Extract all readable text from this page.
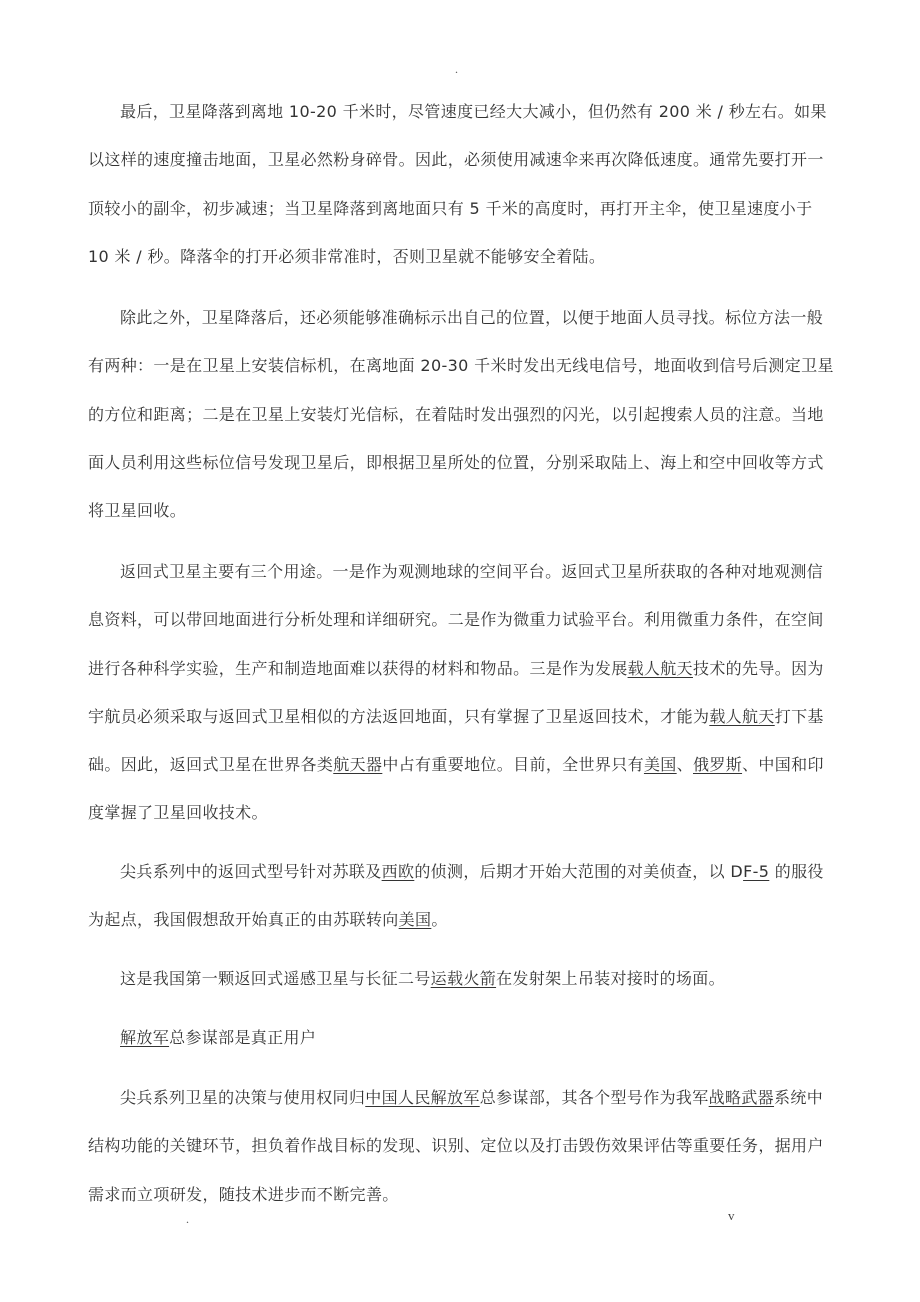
.

最后，卫星降落到离地 10-20 千米时，尽管速度已经大大减小，但仍然有 200 米 / 秒左右。如果以这样的速度撞击地面，卫星必然粉身碎骨。因此，必须使用减速伞来再次降低速度。通常先要打开一顶较小的副伞，初步减速；当卫星降落到离地面只有 5 千米的高度时，再打开主伞，使卫星速度小于 10 米 / 秒。降落伞的打开必须非常准时，否则卫星就不能够安全着陆。

除此之外，卫星降落后，还必须能够准确标示出自己的位置，以便于地面人员寻找。标位方法一般有两种：一是在卫星上安装信标机，在离地面 20-30 千米时发出无线电信号，地面收到信号后测定卫星的方位和距离；二是在卫星上安装灯光信标，在着陆时发出强烈的闪光，以引起搜索人员的注意。当地面人员利用这些标位信号发现卫星后，即根据卫星所处的位置，分别采取陆上、海上和空中回收等方式将卫星回收。

返回式卫星主要有三个用途。一是作为观测地球的空间平台。返回式卫星所获取的各种对地观测信息资料，可以带回地面进行分析处理和详细研究。二是作为微重力试验平台。利用微重力条件，在空间进行各种科学实验，生产和制造地面难以获得的材料和物品。三是作为发展载人航天技术的先导。因为宇航员必须采取与返回式卫星相似的方法返回地面，只有掌握了卫星返回技术，才能为载人航天打下基础。因此，返回式卫星在世界各类航天器中占有重要地位。目前，全世界只有美国、俄罗斯、中国和印度掌握了卫星回收技术。

尖兵系列中的返回式型号针对苏联及西欧的侦测，后期才开始大范围的对美侦查，以 DF-5 的服役为起点，我国假想敌开始真正的由苏联转向美国。

这是我国第一颗返回式遥感卫星与长征二号运载火箭在发射架上吊装对接时的场面。

解放军总参谋部是真正用户

尖兵系列卫星的决策与使用权同归中国人民解放军总参谋部，其各个型号作为我军战略武器系统中结构功能的关键环节，担负着作战目标的发现、识别、定位以及打击毁伤效果评估等重要任务，据用户需求而立项研发，随技术进步而不断完善。

.	v
